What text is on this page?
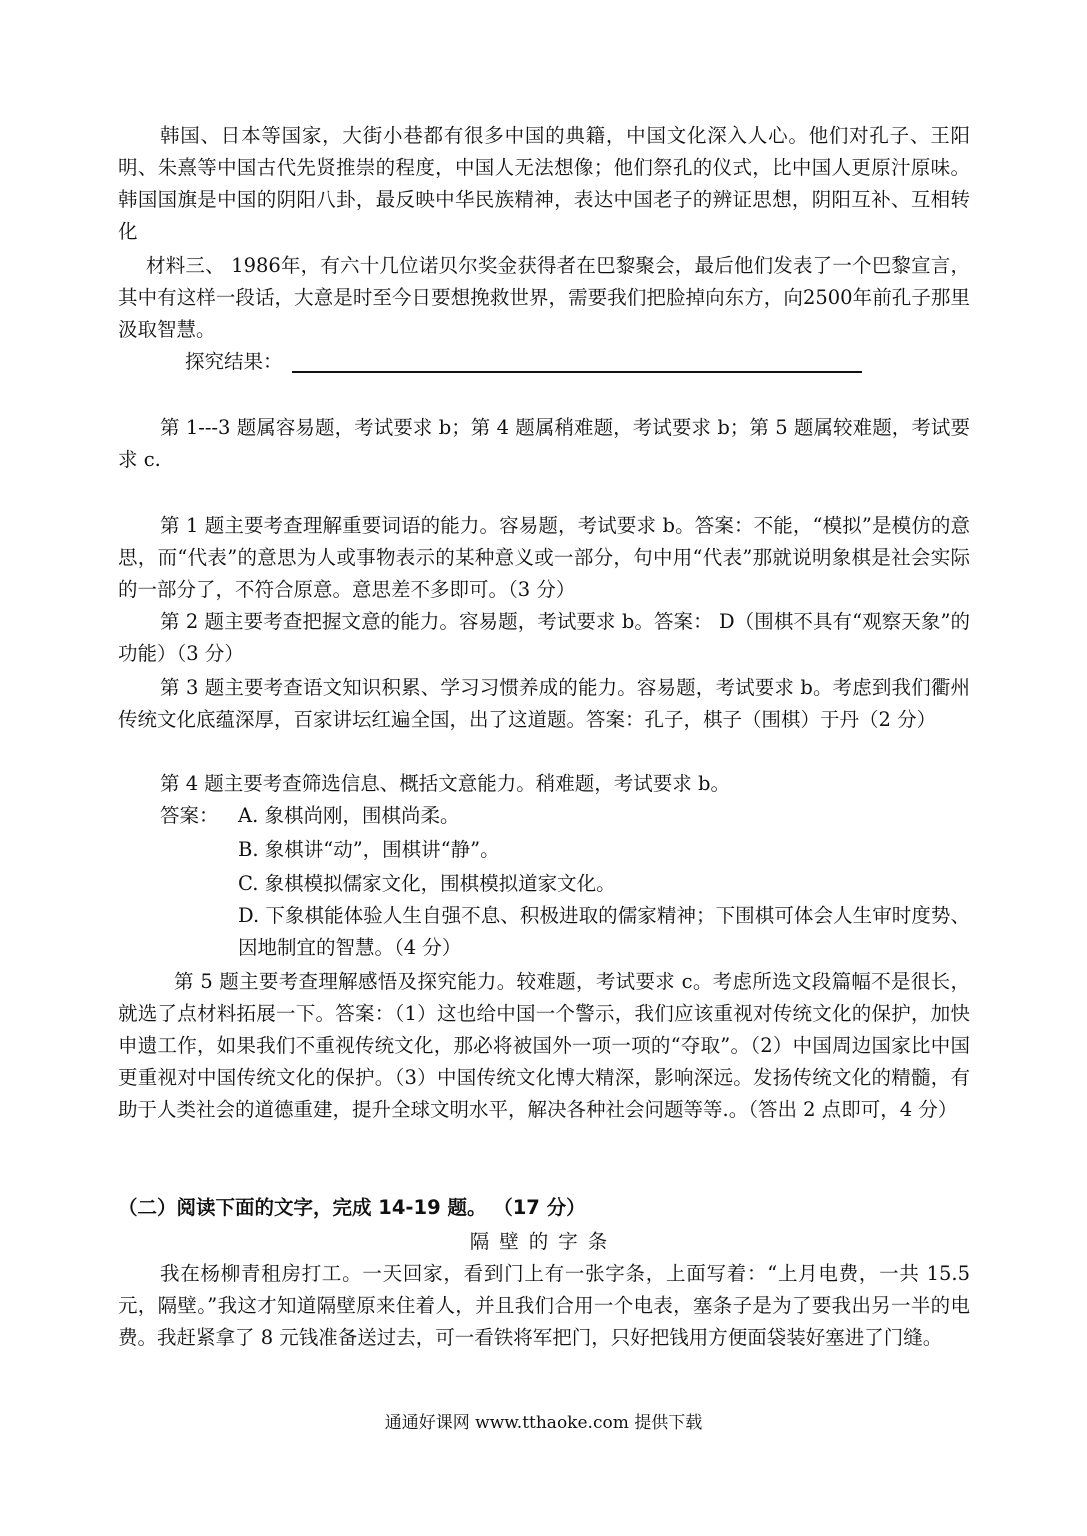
韩国、日本等国家，大街小巷都有很多中国的典籍，中国文化深入人心。他们对孔子、王阳明、朱熹等中国古代先贤推崇的程度，中国人无法想像；他们祭孔的仪式，比中国人更原汁原味。韩国国旗是中国的阴阳八卦，最反映中华民族精神，表达中国老子的辨证思想，阴阳互补、互相转化

材料三、 1986年，有六十几位诺贝尔奖金获得者在巴黎聚会，最后他们发表了一个巴黎宣言，其中有这样一段话，大意是时至今日要想挽救世界，需要我们把脸掉向东方，向2500年前孔子那里汲取智慧。

探究结果：

第 1---3 题属容易题，考试要求 b；第 4 题属稍难题，考试要求 b；第 5 题属较难题，考试要求 c.

第 1 题主要考查理解重要词语的能力。容易题，考试要求 b。答案：不能，“模拟”是模仿的意思，而“代表”的意思为人或事物表示的某种意义或一部分，句中用“代表”那就说明象棋是社会实际的一部分了，不符合原意。意思差不多即可。（3 分）

第 2 题主要考查把握文意的能力。容易题，考试要求 b。答案： D（围棋不具有“观察天象”的功能）（3 分）

第 3 题主要考查语文知识积累、学习习惯养成的能力。容易题，考试要求 b。考虑到我们衢州传统文化底蕴深厚，百家讲坛红遍全国，出了这道题。答案：孔子，棋子（围棋）于丹（2 分）

第 4 题主要考查筛选信息、概括文意能力。稍难题，考试要求 b。

答案： A. 象棋尚刚，围棋尚柔。
B. 象棋讲“动”，围棋讲“静”。
C. 象棋模拟儒家文化，围棋模拟道家文化。

D. 下象棋能体验人生自强不息、积极进取的儒家精神；下围棋可体会人生审时度势、因地制宜的智慧。（4 分）

第 5 题主要考查理解感悟及探究能力。较难题，考试要求 c。考虑所选文段篇幅不是很长，就选了点材料拓展一下。答案：（1）这也给中国一个警示，我们应该重视对传统文化的保护，加快申遗工作，如果我们不重视传统文化，那必将被国外一项一项的“夺取”。（2）中国周边国家比中国更重视对中国传统文化的保护。（3）中国传统文化博大精深，影响深远。发扬传统文化的精髓，有助于人类社会的道德重建，提升全球文明水平，解决各种社会问题等等.。（答出 2 点即可，4 分）

（二）阅读下面的文字，完成 14-19 题。 （17 分）
隔壁的字条

我在杨柳青租房打工。一天回家，看到门上有一张字条，上面写着：“上月电费，一共 15.5 元，隔壁。”我这才知道隔壁原来住着人，并且我们合用一个电表，塞条子是为了要我出另一半的电费。我赶紧拿了 8 元钱准备送过去，可一看铁将军把门，只好把钱用方便面袋装好塞进了门缝。

通通好课网 www.tthaoke.com 提供下载
